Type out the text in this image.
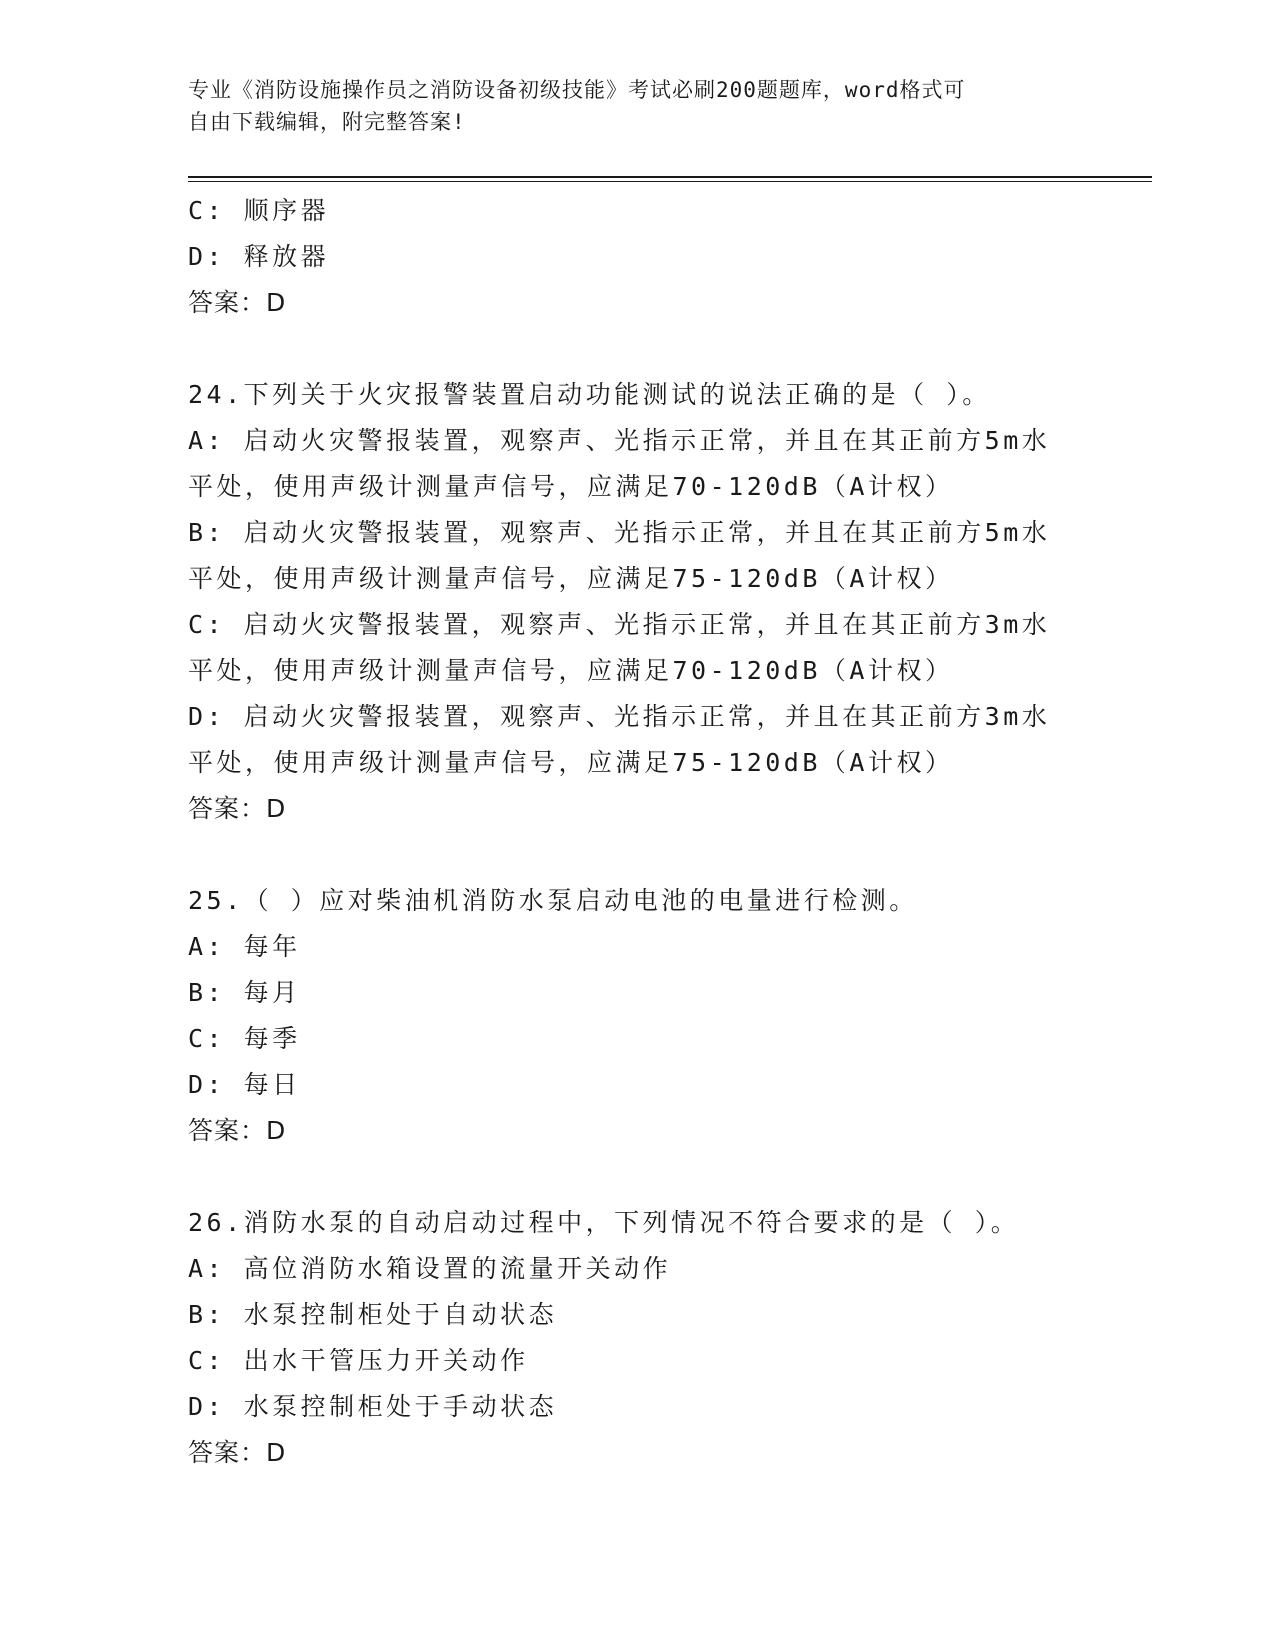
专业《消防设施操作员之消防设备初级技能》考试必刷200题题库，word格式可
自由下载编辑，附完整答案!
C: 顺序器
D: 释放器
答案：D
24.下列关于火灾报警装置启动功能测试的说法正确的是（ ）。
A: 启动火灾警报装置，观察声、光指示正常，并且在其正前方5m水
平处，使用声级计测量声信号，应满足70-120dB（A计权）
B: 启动火灾警报装置，观察声、光指示正常，并且在其正前方5m水
平处，使用声级计测量声信号，应满足75-120dB（A计权）
C: 启动火灾警报装置，观察声、光指示正常，并且在其正前方3m水
平处，使用声级计测量声信号，应满足70-120dB（A计权）
D: 启动火灾警报装置，观察声、光指示正常，并且在其正前方3m水
平处，使用声级计测量声信号，应满足75-120dB（A计权）
答案：D
25.（ ）应对柴油机消防水泵启动电池的电量进行检测。
A: 每年
B: 每月
C: 每季
D: 每日
答案：D
26.消防水泵的自动启动过程中，下列情况不符合要求的是（ ）。
A: 高位消防水箱设置的流量开关动作
B: 水泵控制柜处于自动状态
C: 出水干管压力开关动作
D: 水泵控制柜处于手动状态
答案：D
